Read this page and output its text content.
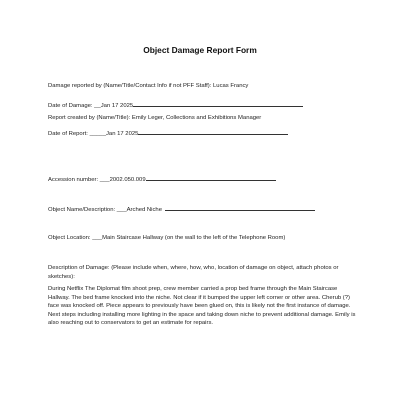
Object Damage Report Form
Damage reported by (Name/Title/Contact Info if not PFF Staff): Lucas Francy
Date of Damage: __Jan 17 2025
Report created by (Name/Title): Emily Leger, Collections and Exhibitions Manager
Date of Report: _____Jan 17 2025
Accession number: ___2002.050.009
Object Name/Description: ___Arched Niche
Object Location: ___Main Staircase Hallway (on the wall to the left of the Telephone Room)
Description of Damage: (Please include when, where, how, who, location of damage on object, attach photos or sketches):
During Netflix The Diplomat film shoot prep, crew member carried a prop bed frame through the Main Staircase Hallway. The bed frame knocked into the niche. Not clear if it bumped the upper left corner or other area. Cherub (?) face was knocked off. Piece appears to previously have been glued on, this is likely not the first instance of damage. Next steps including installing more lighting in the space and taking down niche to prevent additional damage. Emily is also reaching out to conservators to get an estimate for repairs.
